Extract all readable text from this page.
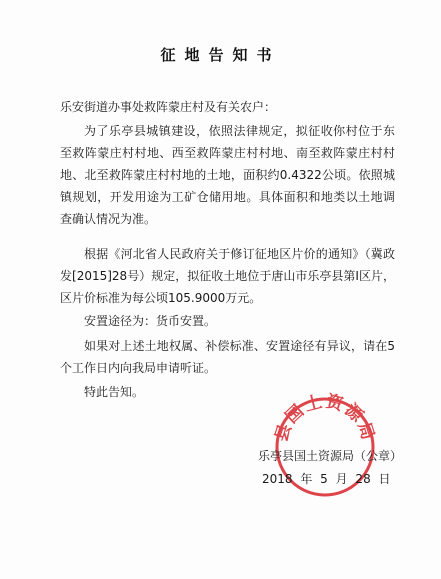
征地告知书
乐安街道办事处救阵蒙庄村及有关农户：
为了乐亭县城镇建设，依照法律规定，拟征收你村位于东至救阵蒙庄村村地、西至救阵蒙庄村村地、南至救阵蒙庄村村地、北至救阵蒙庄村村地的土地，面积约0.4322公顷。依照城镇规划，开发用途为工矿仓储用地。具体面积和地类以土地调查确认情况为准。
根据《河北省人民政府关于修订征地区片价的通知》（冀政发[2015]28号）规定，拟征收土地位于唐山市乐亭县第Ⅰ区片，区片价标准为每公顷105.9000万元。
安置途径为：货币安置。
如果对上述土地权属、补偿标准、安置途径有异议，请在5个工作日内向我局申请听证。
特此告知。
县国土资源局
乐亭县国土资源局（公章）
2018 年 5 月 28 日
